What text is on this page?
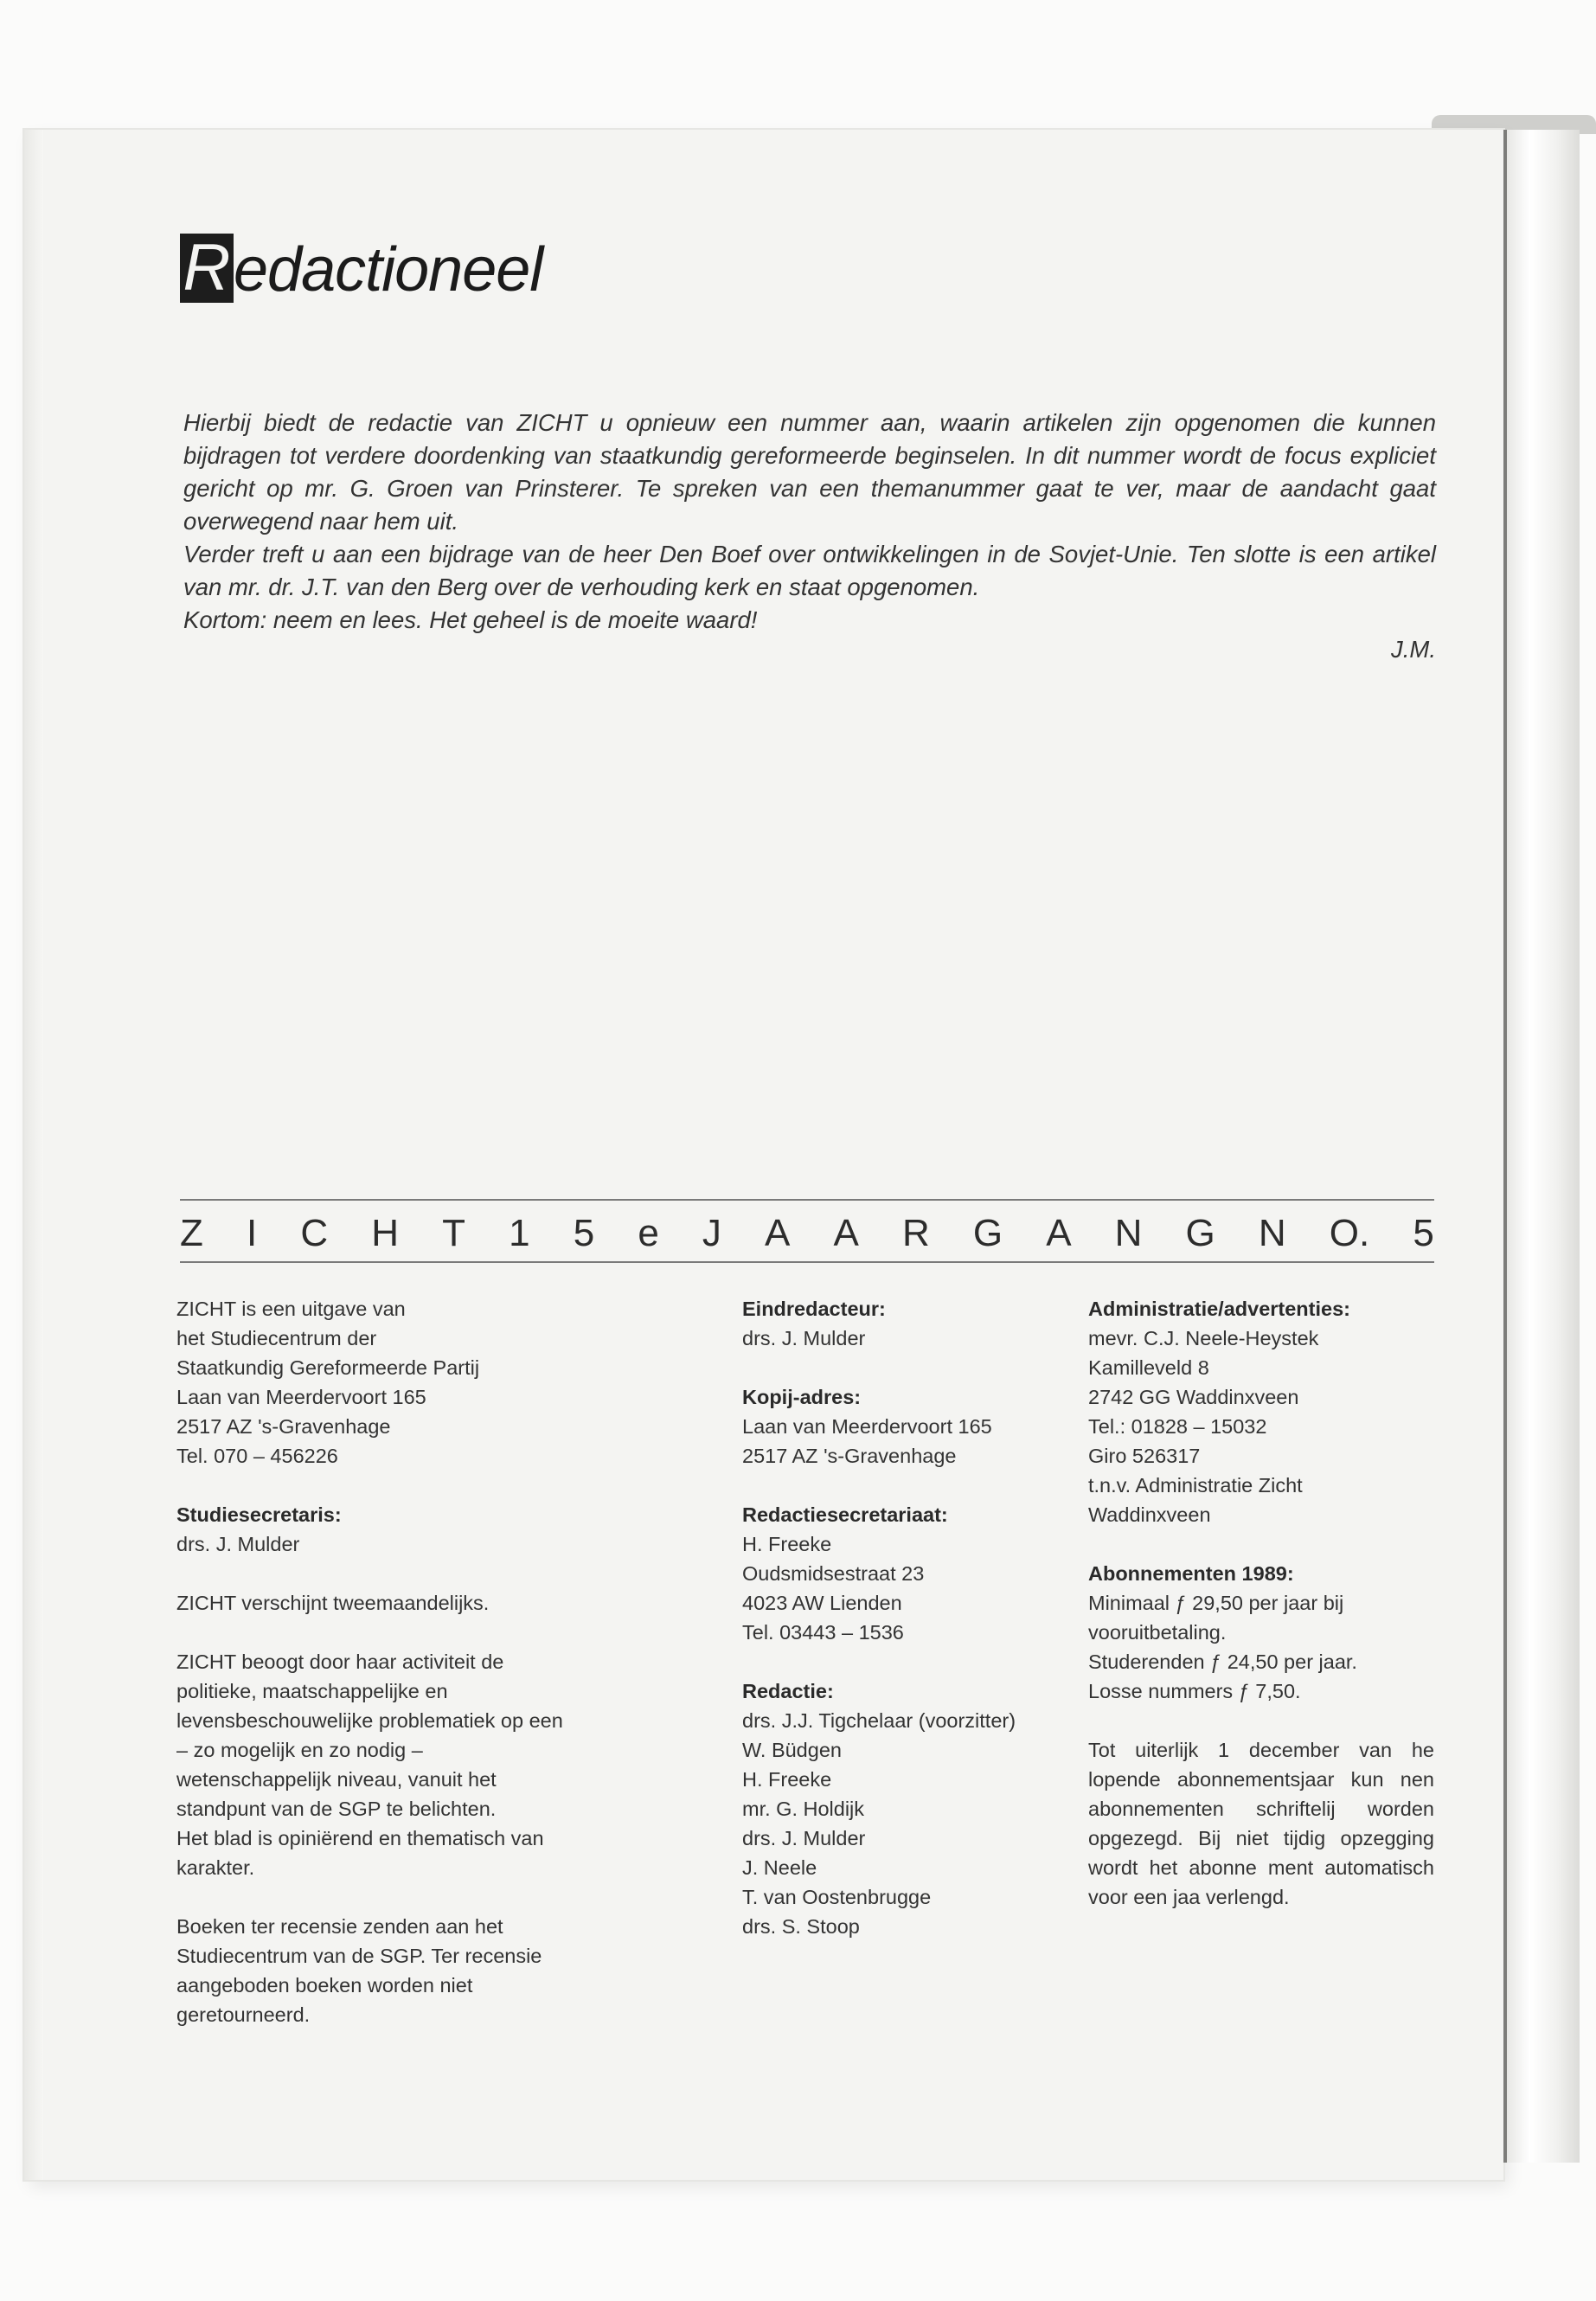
Redactioneel

Hierbij biedt de redactie van ZICHT u opnieuw een nummer aan, waarin artikelen zijn opgenomen die kunnen bijdragen tot verdere doordenking van staatkundig gereformeerde beginselen. In dit nummer wordt de focus expliciet gericht op mr. G. Groen van Prinsterer. Te spreken van een themanummer gaat te ver, maar de aandacht gaat overwegend naar hem uit.

Verder treft u aan een bijdrage van de heer Den Boef over ontwikkelingen in de Sovjet-Unie. Ten slotte is een artikel van mr. dr. J.T. van den Berg over de verhouding kerk en staat opgenomen.

Kortom: neem en lees. Het geheel is de moeite waard!

J.M.
Z I C H T 1 5 e J A A R G A N G N O. 5

ZICHT is een uitgave van

het Studiecentrum der

Staatkundig Gereformeerde Partij

Laan van Meerdervoort 165

2517 AZ 's-Gravenhage

Tel. 070 – 456226

Studiesecretaris:

drs. J. Mulder

ZICHT verschijnt tweemaandelijks.

ZICHT beoogt door haar activiteit de

politieke, maatschappelijke en

levensbeschouwelijke problematiek op een

– zo mogelijk en zo nodig –

wetenschappelijk niveau, vanuit het

standpunt van de SGP te belichten.

Het blad is opiniërend en thematisch van

karakter.

Boeken ter recensie zenden aan het

Studiecentrum van de SGP. Ter recensie

aangeboden boeken worden niet

geretourneerd.

Eindredacteur:

drs. J. Mulder

Kopij-adres:

Laan van Meerdervoort 165

2517 AZ 's-Gravenhage

Redactiesecretariaat:

H. Freeke

Oudsmidsestraat 23

4023 AW Lienden

Tel. 03443 – 1536

Redactie:

drs. J.J. Tigchelaar (voorzitter)

W. Büdgen

H. Freeke

mr. G. Holdijk

drs. J. Mulder

J. Neele

T. van Oostenbrugge

drs. S. Stoop

Administratie/advertenties:

mevr. C.J. Neele-Heystek

Kamilleveld 8

2742 GG Waddinxveen

Tel.: 01828 – 15032

Giro 526317

t.n.v. Administratie Zicht

Waddinxveen

Abonnementen 1989:

Minimaal ƒ 29,50 per jaar bij

vooruitbetaling.

Studerenden ƒ 24,50 per jaar.

Losse nummers ƒ 7,50.

Tot uiterlijk 1 december van he lopende abonnementsjaar kun nen abonnementen schriftelij worden opgezegd. Bij niet tijdig opzegging wordt het abonne ment automatisch voor een jaa verlengd.
